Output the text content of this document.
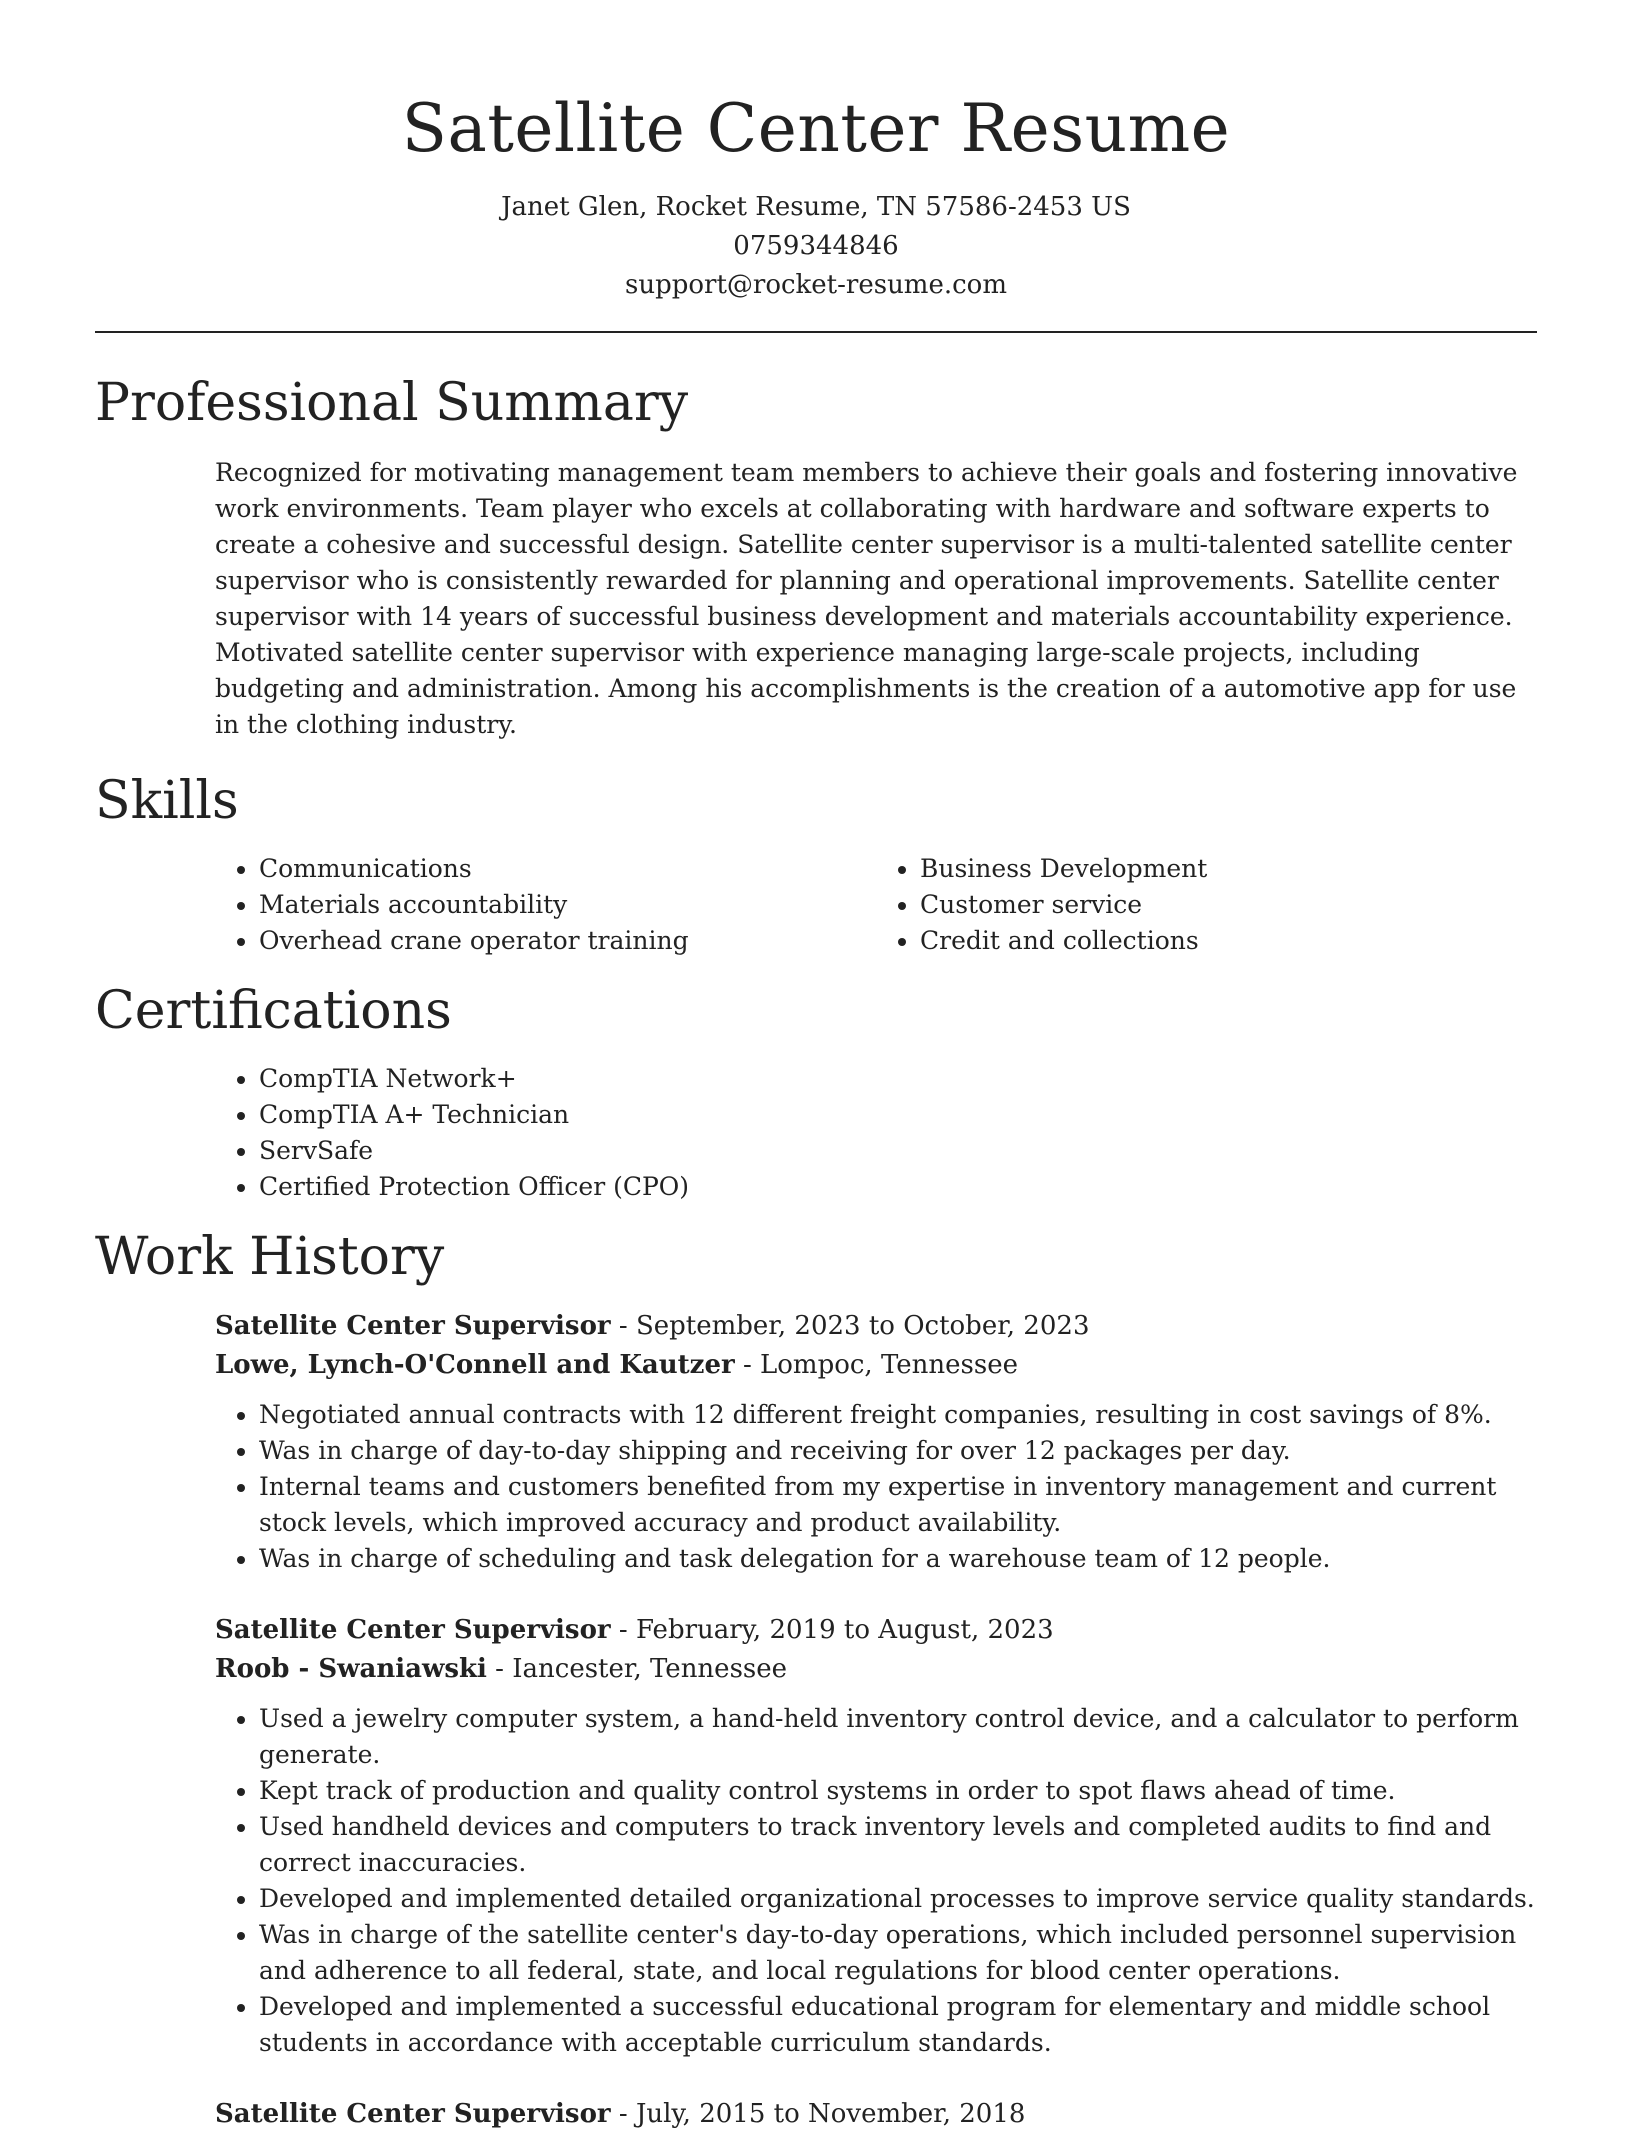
Satellite Center Resume
Janet Glen, Rocket Resume, TN 57586-2453 US
0759344846
support@rocket-resume.com
Professional Summary

Recognized for motivating management team members to achieve their goals and fostering innovative work environments. Team player who excels at collaborating with hardware and software experts to create a cohesive and successful design. Satellite center supervisor is a multi-talented satellite center supervisor who is consistently rewarded for planning and operational improvements. Satellite center supervisor with 14 years of successful business development and materials accountability experience. Motivated satellite center supervisor with experience managing large-scale projects, including budgeting and administration. Among his accomplishments is the creation of a automotive app for use in the clothing industry.

Skills
• Communications
• Materials accountability
• Overhead crane operator training
• Business Development
• Customer service
• Credit and collections
Certifications
• CompTIA Network+
• CompTIA A+ Technician
• ServSafe
• Certified Protection Officer (CPO)
Work History
Satellite Center Supervisor - September, 2023 to October, 2023
Lowe, Lynch-O'Connell and Kautzer - Lompoc, Tennessee
• Negotiated annual contracts with 12 different freight companies, resulting in cost savings of 8%.
• Was in charge of day-to-day shipping and receiving for over 12 packages per day.
• Internal teams and customers benefited from my expertise in inventory management and current stock levels, which improved accuracy and product availability.
• Was in charge of scheduling and task delegation for a warehouse team of 12 people.
Satellite Center Supervisor - February, 2019 to August, 2023
Roob - Swaniawski - Iancester, Tennessee
• Used a jewelry computer system, a hand-held inventory control device, and a calculator to perform generate.
• Kept track of production and quality control systems in order to spot flaws ahead of time.
• Used handheld devices and computers to track inventory levels and completed audits to find and correct inaccuracies.
• Developed and implemented detailed organizational processes to improve service quality standards.
• Was in charge of the satellite center's day-to-day operations, which included personnel supervision and adherence to all federal, state, and local regulations for blood center operations.
• Developed and implemented a successful educational program for elementary and middle school students in accordance with acceptable curriculum standards.
Satellite Center Supervisor - July, 2015 to November, 2018
